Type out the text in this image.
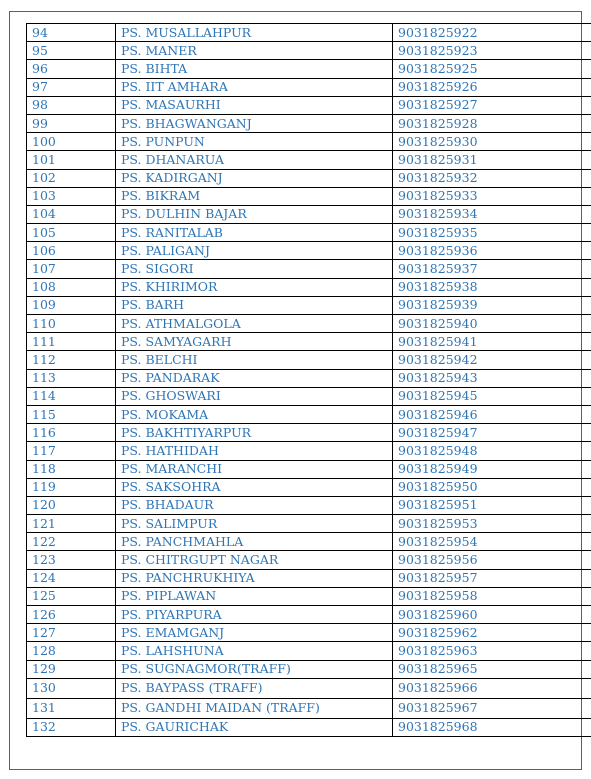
94	PS. MUSALLAHPUR	9031825922
95	PS. MANER	9031825923
96	PS. BIHTA	9031825925
97	PS. IIT AMHARA	9031825926
98	PS. MASAURHI	9031825927
99	PS. BHAGWANGANJ	9031825928
100	PS. PUNPUN	9031825930
101	PS. DHANARUA	9031825931
102	PS. KADIRGANJ	9031825932
103	PS. BIKRAM	9031825933
104	PS. DULHIN BAJAR	9031825934
105	PS. RANITALAB	9031825935
106	PS. PALIGANJ	9031825936
107	PS. SIGORI	9031825937
108	PS. KHIRIMOR	9031825938
109	PS. BARH	9031825939
110	PS. ATHMALGOLA	9031825940
111	PS. SAMYAGARH	9031825941
112	PS. BELCHI	9031825942
113	PS. PANDARAK	9031825943
114	PS. GHOSWARI	9031825945
115	PS. MOKAMA	9031825946
116	PS. BAKHTIYARPUR	9031825947
117	PS. HATHIDAH	9031825948
118	PS. MARANCHI	9031825949
119	PS. SAKSOHRA	9031825950
120	PS. BHADAUR	9031825951
121	PS. SALIMPUR	9031825953
122	PS. PANCHMAHLA	9031825954
123	PS. CHITRGUPT NAGAR	9031825956
124	PS. PANCHRUKHIYA	9031825957
125	PS. PIPLAWAN	9031825958
126	PS. PIYARPURA	9031825960
127	PS. EMAMGANJ	9031825962
128	PS. LAHSHUNA	9031825963
129	PS. SUGNAGMOR(TRAFF)	9031825965
130	PS. BAYPASS (TRAFF)	9031825966
131	PS. GANDHI MAIDAN (TRAFF)	9031825967
132	PS. GAURICHAK	9031825968
